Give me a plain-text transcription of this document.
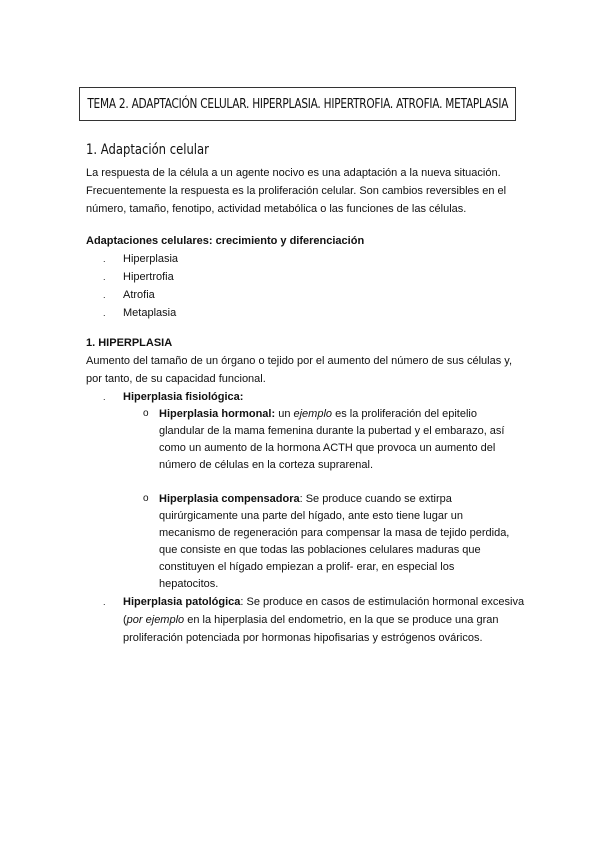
TEMA 2. ADAPTACIÓN CELULAR. HIPERPLASIA. HIPERTROFIA. ATROFIA. METAPLASIA
1. Adaptación celular
La respuesta de la célula a un agente nocivo es una adaptación a la nueva situación.
Frecuentemente la respuesta es la proliferación celular. Son cambios reversibles en el
número, tamaño, fenotipo, actividad metabólica o las funciones de las células.
Adaptaciones celulares: crecimiento y diferenciación
. Hiperplasia
. Hipertrofia
. Atrofia
. Metaplasia
1. HIPERPLASIA
Aumento del tamaño de un órgano o tejido por el aumento del número de sus células y,
por tanto, de su capacidad funcional.
. Hiperplasia fisiológica:
o Hiperplasia hormonal: un ejemplo es la proliferación del epitelio
glandular de la mama femenina durante la pubertad y el embarazo, así
como un aumento de la hormona ACTH que provoca un aumento del
número de células en la corteza suprarenal.
o Hiperplasia compensadora: Se produce cuando se extirpa
quirúrgicamente una parte del hígado, ante esto tiene lugar un
mecanismo de regeneración para compensar la masa de tejido perdida,
que consiste en que todas las poblaciones celulares maduras que
constituyen el hígado empiezan a prolif- erar, en especial los
hepatocitos.
. Hiperplasia patológica: Se produce en casos de estimulación hormonal excesiva
(por ejemplo en la hiperplasia del endometrio, en la que se produce una gran
proliferación potenciada por hormonas hipofisarias y estrógenos ováricos.
